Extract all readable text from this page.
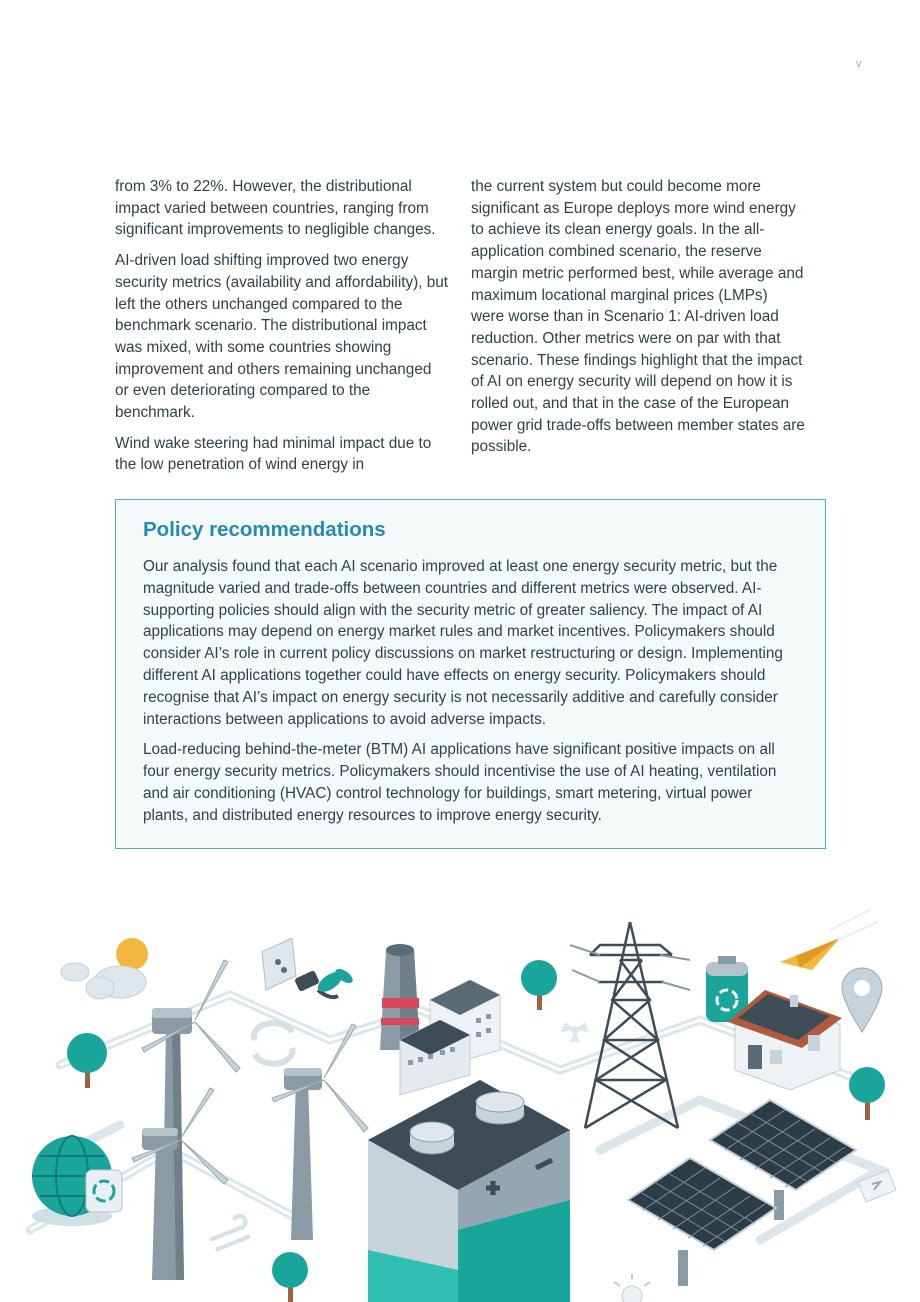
v

from 3% to 22%. However, the distributional impact varied between countries, ranging from significant improvements to negligible changes.

AI-driven load shifting improved two energy security metrics (availability and affordability), but left the others unchanged compared to the benchmark scenario. The distributional impact was mixed, with some countries showing improvement and others remaining unchanged or even deteriorating compared to the benchmark.

Wind wake steering had minimal impact due to the low penetration of wind energy in

the current system but could become more significant as Europe deploys more wind energy to achieve its clean energy goals. In the all-application combined scenario, the reserve margin metric performed best, while average and maximum locational marginal prices (LMPs) were worse than in Scenario 1: AI-driven load reduction. Other metrics were on par with that scenario. These findings highlight that the impact of AI on energy security will depend on how it is rolled out, and that in the case of the European power grid trade-offs between member states are possible.

Policy recommendations

Our analysis found that each AI scenario improved at least one energy security metric, but the magnitude varied and trade-offs between countries and different metrics were observed. AI-supporting policies should align with the security metric of greater saliency. The impact of AI applications may depend on energy market rules and market incentives. Policymakers should consider AI’s role in current policy discussions on market restructuring or design. Implementing different AI applications together could have effects on energy security. Policymakers should recognise that AI’s impact on energy security is not necessarily additive and carefully consider interactions between applications to avoid adverse impacts.

Load-reducing behind-the-meter (BTM) AI applications have significant positive impacts on all four energy security metrics. Policymakers should incentivise the use of AI heating, ventilation and air conditioning (HVAC) control technology for buildings, smart metering, virtual power plants, and distributed energy resources to improve energy security.
